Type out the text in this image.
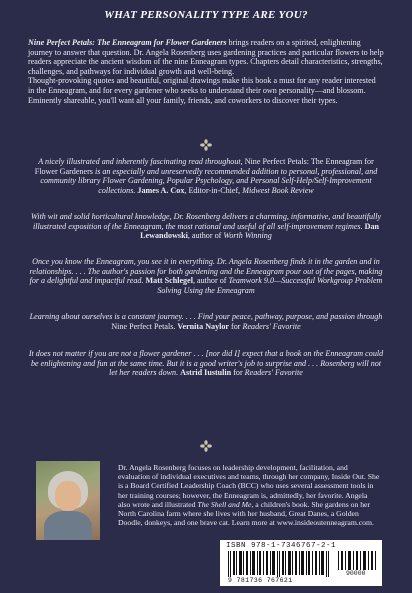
WHAT PERSONALITY TYPE ARE YOU?
Nine Perfect Petals: The Enneagram for Flower Gardeners brings readers on a spirited, enlightening journey to answer that question. Dr. Angela Rosenberg uses gardening practices and particular flowers to help readers appreciate the ancient wisdom of the nine Enneagram types. Chapters detail characteristics, strengths, challenges, and pathways for individual growth and well-being.
Thought-provoking quotes and beautiful, original drawings make this book a must for any reader interested in the Enneagram, and for every gardener who seeks to understand their own personality—and blossom. Eminently shareable, you'll want all your family, friends, and coworkers to discover their types.
A nicely illustrated and inherently fascinating read throughout, Nine Perfect Petals: The Enneagram for Flower Gardeners is an especially and unreservedly recommended addition to personal, professional, and community library Flower Gardening, Popular Psychology, and Personal Self-Help/Self-Improvement collections. James A. Cox, Editor-in-Chief, Midwest Book Review
With wit and solid horticultural knowledge, Dr. Rosenberg delivers a charming, informative, and beautifully illustrated exposition of the Enneagram, the most rational and useful of all self-improvement regimes. Dan Lewandowski, author of Worth Winning
Once you know the Enneagram, you see it in everything. Dr. Angela Rosenberg finds it in the garden and in relationships. . . . The author's passion for both gardening and the Enneagram pour out of the pages, making for a delightful and impactful read. Matt Schlegel, author of Teamwork 9.0—Successful Workgroup Problem Solving Using the Enneagram
Learning about ourselves is a constant journey. . . . Find your peace, pathway, purpose, and passion through Nine Perfect Petals. Vernita Naylor for Readers' Favorite
It does not matter if you are not a flower gardener . . . [nor did I] expect that a book on the Enneagram could be enlightening and fun at the same time. But it is a good writer's job to surprise and . . . Rosenberg will not let her readers down. Astrid Iustulin for Readers' Favorite
Dr. Angela Rosenberg focuses on leadership development, facilitation, and evaluation of individual executives and teams, through her company, Inside Out. She is a Board Certified Leadership Coach (BCC) who uses several assessment tools in her training courses; however, the Enneagram is, admittedly, her favorite. Angela also wrote and illustrated The Shell and Me, a children's book. She gardens on her North Carolina farm where she lives with her husband, Great Danes, a Golden Doodle, donkeys, and one brave cat. Learn more at www.insideoutenneagram.com.
ISBN 978-1-7346767-2-1
90000
9 781736 767621
